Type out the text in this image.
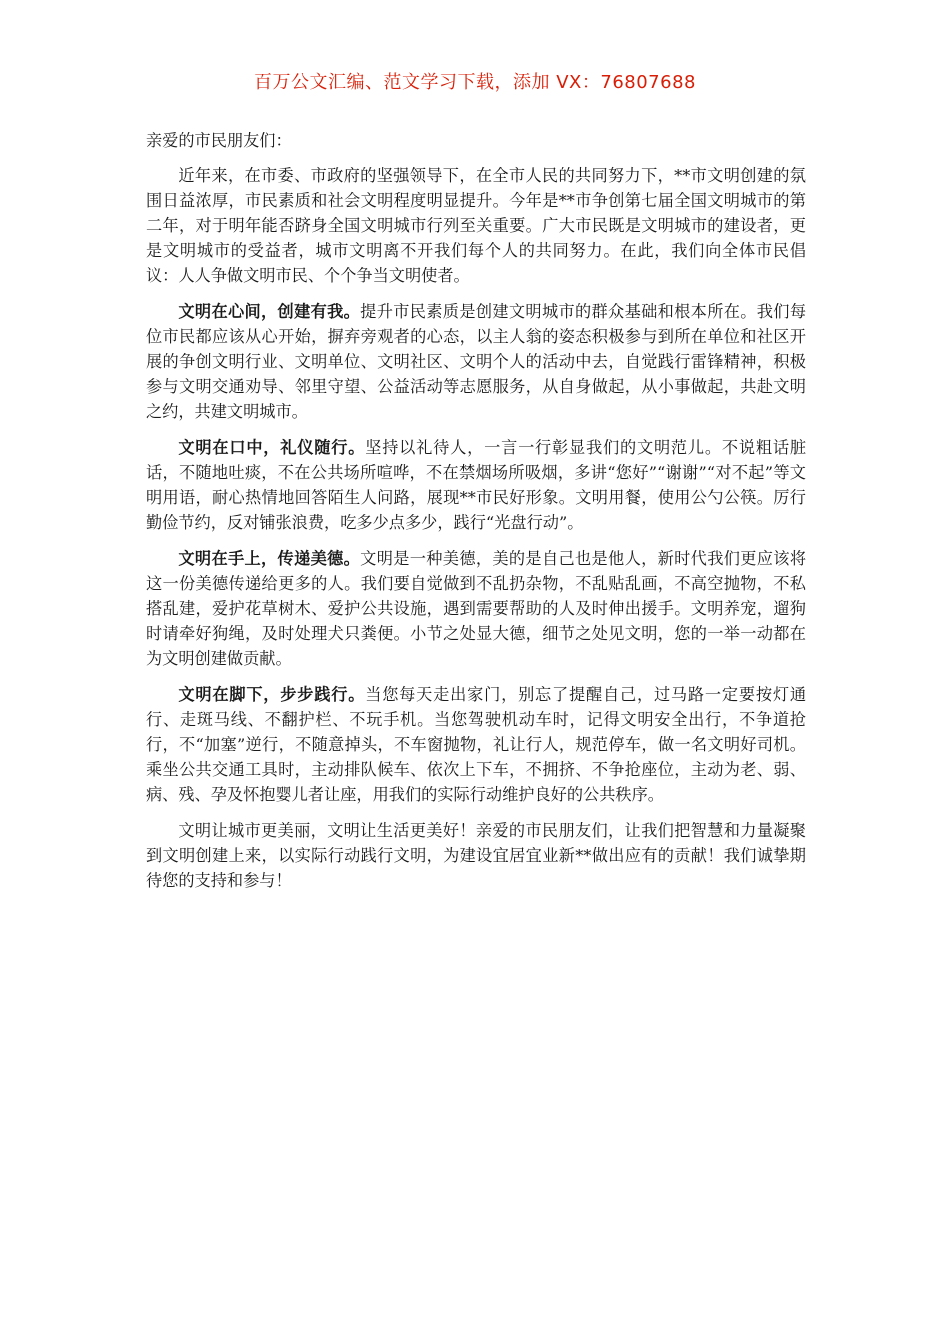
百万公文汇编、范文学习下载，添加 VX：76807688

亲爱的市民朋友们：

近年来，在市委、市政府的坚强领导下，在全市人民的共同努力下，**市文明创建的氛围日益浓厚，市民素质和社会文明程度明显提升。今年是**市争创第七届全国文明城市的第二年，对于明年能否跻身全国文明城市行列至关重要。广大市民既是文明城市的建设者，更是文明城市的受益者，城市文明离不开我们每个人的共同努力。在此，我们向全体市民倡议：人人争做文明市民、个个争当文明使者。

文明在心间，创建有我。提升市民素质是创建文明城市的群众基础和根本所在。我们每位市民都应该从心开始，摒弃旁观者的心态，以主人翁的姿态积极参与到所在单位和社区开展的争创文明行业、文明单位、文明社区、文明个人的活动中去，自觉践行雷锋精神，积极参与文明交通劝导、邻里守望、公益活动等志愿服务，从自身做起，从小事做起，共赴文明之约，共建文明城市。

文明在口中，礼仪随行。坚持以礼待人，一言一行彰显我们的文明范儿。不说粗话脏话，不随地吐痰，不在公共场所喧哗，不在禁烟场所吸烟，多讲“您好”“谢谢”“对不起”等文明用语，耐心热情地回答陌生人问路，展现**市民好形象。文明用餐，使用公勺公筷。厉行勤俭节约，反对铺张浪费，吃多少点多少，践行“光盘行动”。

文明在手上，传递美德。文明是一种美德，美的是自己也是他人，新时代我们更应该将这一份美德传递给更多的人。我们要自觉做到不乱扔杂物，不乱贴乱画，不高空抛物，不私搭乱建，爱护花草树木、爱护公共设施，遇到需要帮助的人及时伸出援手。文明养宠，遛狗时请牵好狗绳，及时处理犬只粪便。小节之处显大德，细节之处见文明，您的一举一动都在为文明创建做贡献。

文明在脚下，步步践行。当您每天走出家门，别忘了提醒自己，过马路一定要按灯通行、走斑马线、不翻护栏、不玩手机。当您驾驶机动车时，记得文明安全出行，不争道抢行，不“加塞”逆行，不随意掉头，不车窗抛物，礼让行人，规范停车，做一名文明好司机。乘坐公共交通工具时，主动排队候车、依次上下车，不拥挤、不争抢座位，主动为老、弱、病、残、孕及怀抱婴儿者让座，用我们的实际行动维护良好的公共秩序。

文明让城市更美丽，文明让生活更美好！亲爱的市民朋友们，让我们把智慧和力量凝聚到文明创建上来，以实际行动践行文明，为建设宜居宜业新**做出应有的贡献！我们诚挚期待您的支持和参与！
